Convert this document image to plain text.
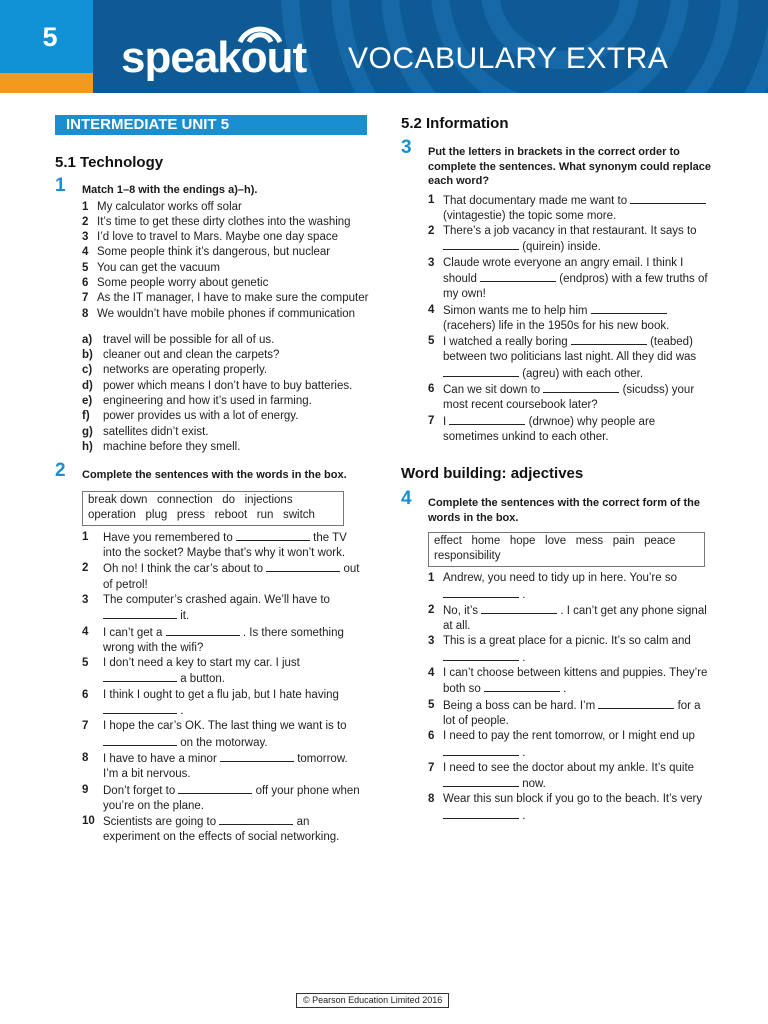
5	speakout VOCABULARY EXTRA
INTERMEDIATE UNIT 5
5.1 Technology
1 Match 1–8 with the endings a)–h).
1 My calculator works off solar
2 It’s time to get these dirty clothes into the washing
3 I’d love to travel to Mars. Maybe one day space
4 Some people think it’s dangerous, but nuclear
5 You can get the vacuum
6 Some people worry about genetic
7 As the IT manager, I have to make sure the computer
8 We wouldn’t have mobile phones if communication
a) travel will be possible for all of us.
b) cleaner out and clean the carpets?
c) networks are operating properly.
d) power which means I don’t have to buy batteries.
e) engineering and how it’s used in farming.
f) power provides us with a lot of energy.
g) satellites didn’t exist.
h) machine before they smell.
2 Complete the sentences with the words in the box.
break down   connection   do   injections
operation   plug   press   reboot   run   switch
1 Have you remembered to	the TV into the socket? Maybe that’s why it won’t work.
2 Oh no! I think the car’s about to	out of petrol!
3 The computer’s crashed again. We’ll have to  it.
4 I can’t get a	. Is there something wrong with the wifi?
5 I don’t need a key to start my car. I just  a button.
6 I think I ought to get a flu jab, but I hate having  .
7 I hope the car’s OK. The last thing we want is to  on the motorway.
8 I have to have a minor	tomorrow. I’m a bit nervous.
9 Don’t forget to	off your phone when you’re on the plane.
10 Scientists are going to	an experiment on the effects of social networking.
5.2 Information
3 Put the letters in brackets in the correct order to complete the sentences. What synonym could replace each word?
1 That documentary made me want to  (vintagestie) the topic some more.
2 There’s a job vacancy in that restaurant. It says to  (quirein) inside.
3 Claude wrote everyone an angry email. I think I should	(endpros) with a few truths of my own!
4 Simon wants me to help him  (racehers) life in the 1950s for his new book.
5 I watched a really boring	(teabed) between two politicians last night. All they did was  (agreu) with each other.
6 Can we sit down to	(sicudss) your most recent coursebook later?
7 I	(drwnoe) why people are sometimes unkind to each other.
Word building: adjectives
4 Complete the sentences with the correct form of the words in the box.
effect   home   hope   love   mess   pain   peace
responsibility
1 Andrew, you need to tidy up in here. You’re so  .
2 No, it’s	. I can’t get any phone signal at all.
3 This is a great place for a picnic. It’s so calm and  .
4 I can’t choose between kittens and puppies. They’re both so	.
5 Being a boss can be hard. I’m	for a lot of people.
6 I need to pay the rent tomorrow, or I might end up  .
7 I need to see the doctor about my ankle. It’s quite  now.
8 Wear this sun block if you go to the beach. It’s very  .
© Pearson Education Limited 2016
